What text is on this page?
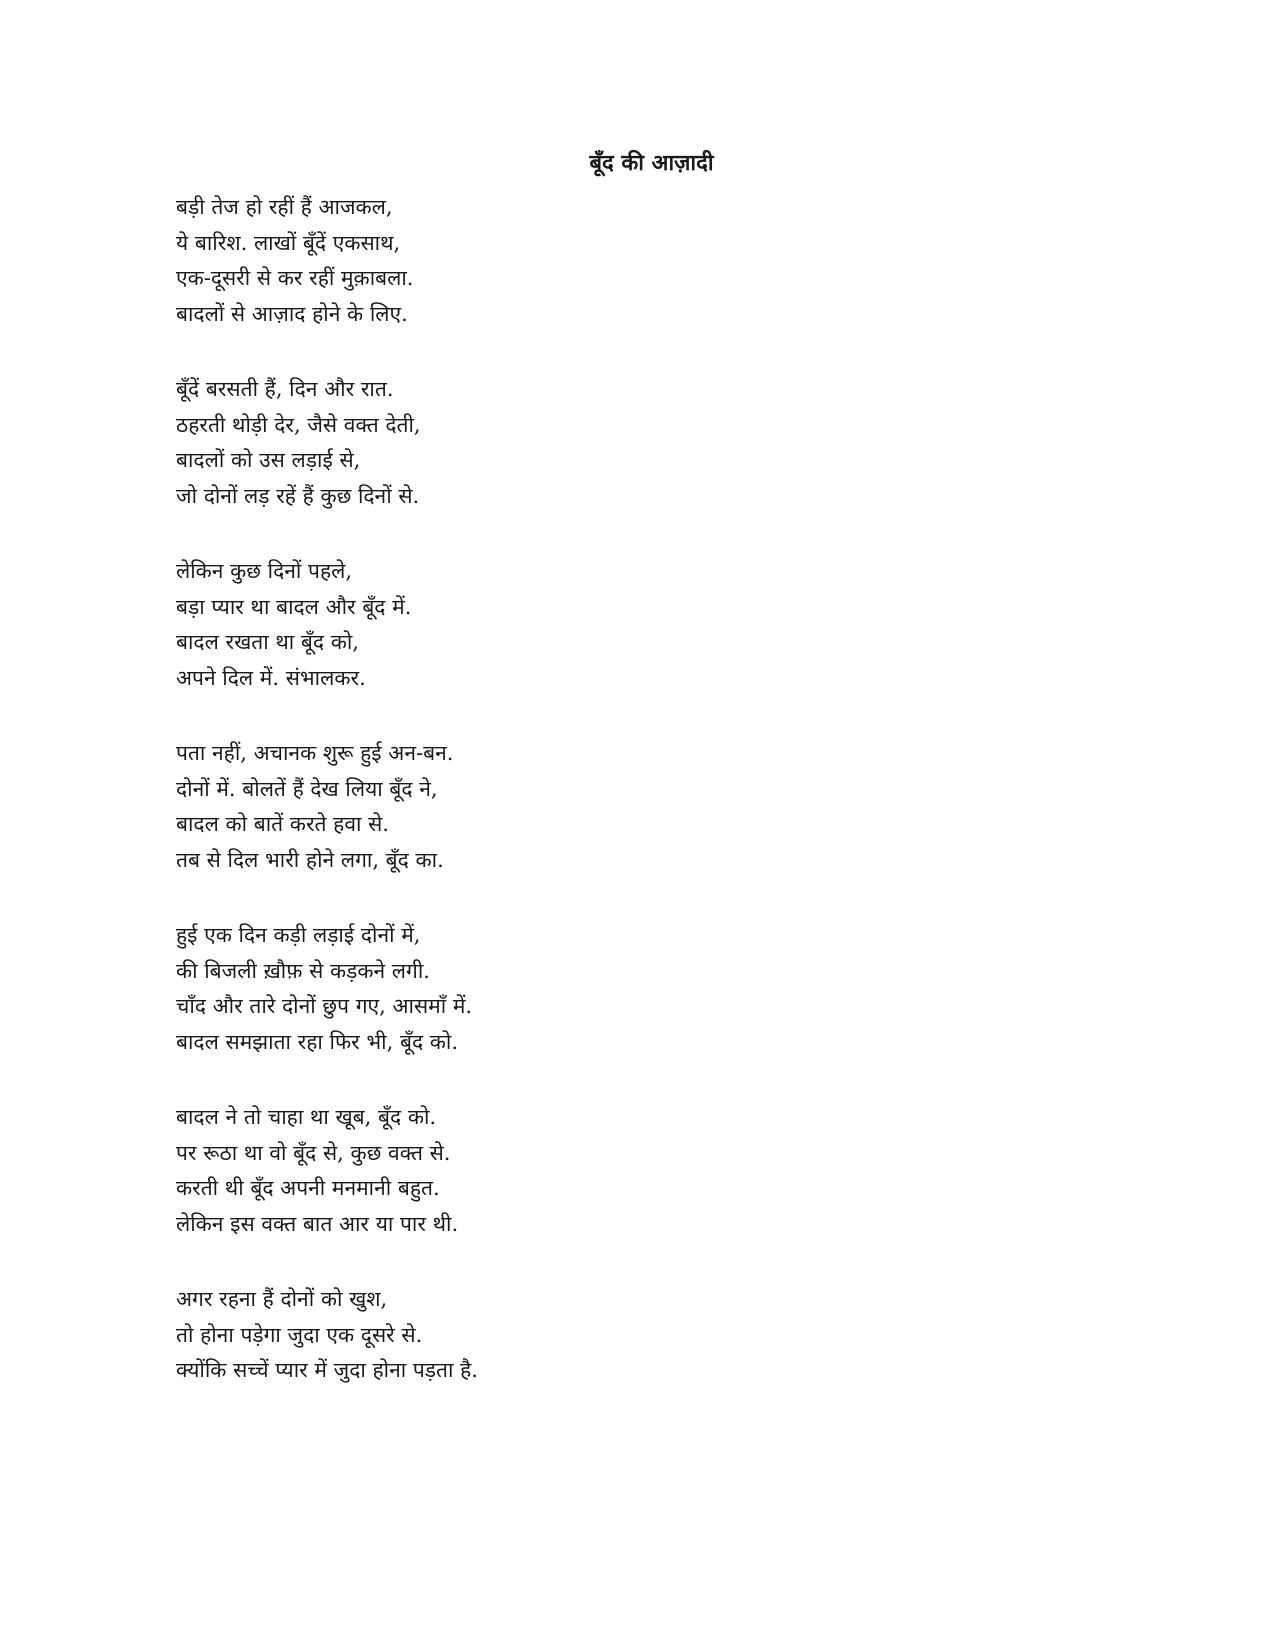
बूँद की आज़ादी
बड़ी तेज हो रहीं हैं आजकल,
ये बारिश. लाखों बूँदें एकसाथ,
एक-दूसरी से कर रहीं मुक़ाबला.
बादलों से आज़ाद होने के लिए.
बूँदें बरसती हैं, दिन और रात.
ठहरती थोड़ी देर, जैसे वक्त देती,
बादलों को उस लड़ाई से,
जो दोनों लड़ रहें हैं कुछ दिनों से.
लेकिन कुछ दिनों पहले,
बड़ा प्यार था बादल और बूँद में.
बादल रखता था बूँद को,
अपने दिल में. संभालकर.
पता नहीं, अचानक शुरू हुई अन-बन.
दोनों में. बोलतें हैं देख लिया बूँद ने,
बादल को बातें करते हवा से.
तब से दिल भारी होने लगा, बूँद का.
हुई एक दिन कड़ी लड़ाई दोनों में,
की बिजली ख़ौफ़ से कड़कने लगी.
चाँद और तारे दोनों छुप गए, आसमाँ में.
बादल समझाता रहा फिर भी, बूँद को.
बादल ने तो चाहा था खूब, बूँद को.
पर रूठा था वो बूँद से, कुछ वक्त से.
करती थी बूँद अपनी मनमानी बहुत.
लेकिन इस वक्त बात आर या पार थी.
अगर रहना हैं दोनों को खुश,
तो होना पड़ेगा जुदा एक दूसरे से.
क्योंकि सच्चें प्यार में जुदा होना पड़ता है.
